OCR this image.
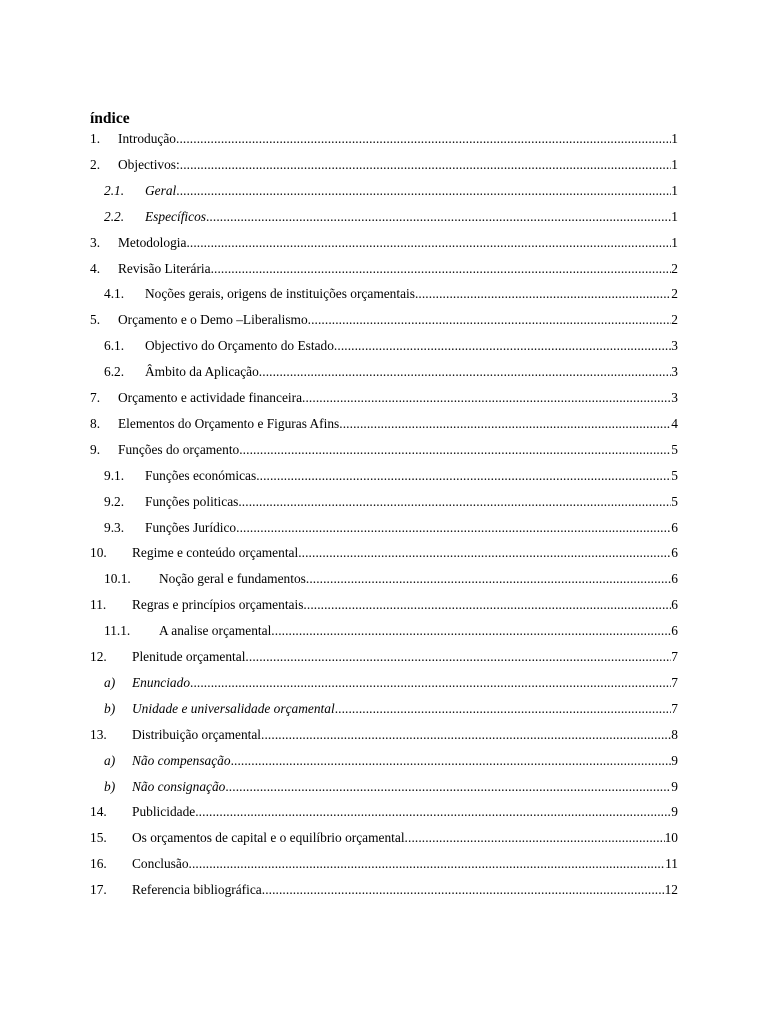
índice
1. Introdução .....	1
2. Objectivos: .....	1
2.1. Geral .....	1
2.2. Específicos .....	1
3. Metodologia .....	1
4. Revisão Literária .....	2
4.1. Noções gerais, origens de instituições orçamentais .....	2
5. Orçamento e o Demo –Liberalismo .....	2
6.1. Objectivo do Orçamento do Estado .....	3
6.2. Âmbito da Aplicação .....	3
7. Orçamento e actividade financeira .....	3
8. Elementos do Orçamento e Figuras Afins .....	4
9. Funções do orçamento .....	5
9.1. Funções económicas .....	5
9.2. Funções politicas .....	5
9.3. Funções Jurídico .....	6
10. Regime e conteúdo orçamental .....	6
10.1. Noção geral e fundamentos .....	6
11. Regras e princípios orçamentais .....	6
11.1. A analise orçamental .....	6
12. Plenitude orçamental .....	7
a) Enunciado .....	7
b) Unidade e universalidade orçamental .....	7
13. Distribuição orçamental .....	8
a) Não compensação .....	9
b) Não consignação .....	9
14. Publicidade .....	9
15. Os orçamentos de capital e o equilíbrio orçamental .....	10
16. Conclusão .....	11
17. Referencia bibliográfica .....	12
